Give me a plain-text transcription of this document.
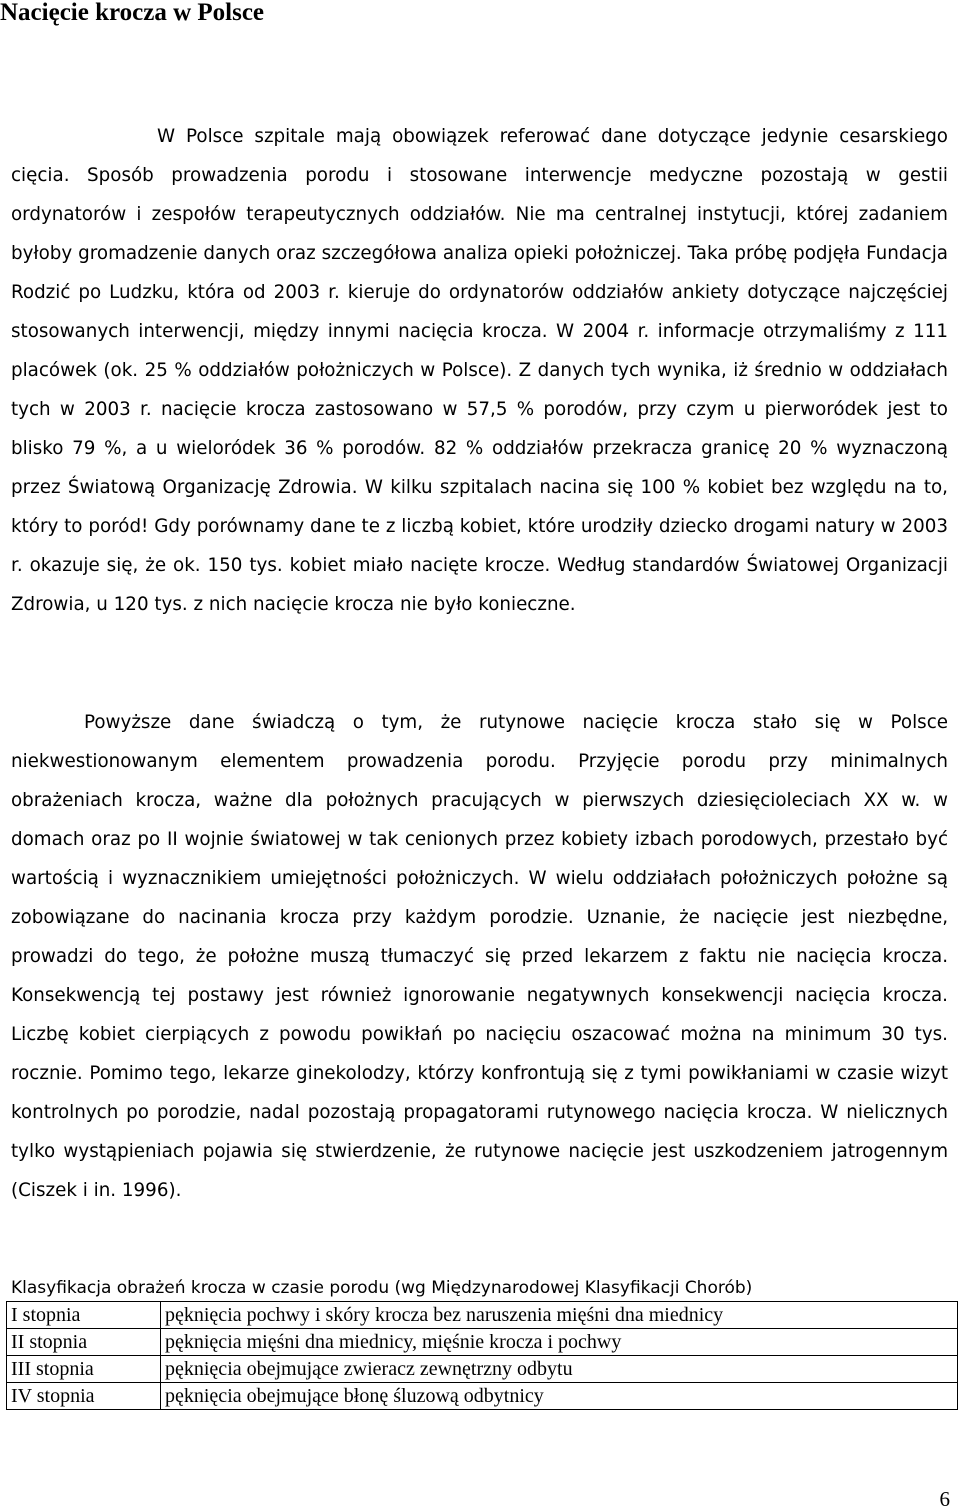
Nacięcie krocza w Polsce

W Polsce szpitale mają obowiązek referować dane dotyczące jedynie cesarskiego cięcia. Sposób prowadzenia porodu i stosowane interwencje medyczne pozostają w gestii ordynatorów i zespołów terapeutycznych oddziałów. Nie ma centralnej instytucji, której zadaniem byłoby gromadzenie danych oraz szczegółowa analiza opieki położniczej. Taka próbę podjęła Fundacja Rodzić po Ludzku, która od 2003 r. kieruje do ordynatorów oddziałów ankiety dotyczące najczęściej stosowanych interwencji, między innymi nacięcia krocza. W 2004 r. informacje otrzymaliśmy z 111 placówek (ok. 25 % oddziałów położniczych w Polsce). Z danych tych wynika, iż średnio w oddziałach tych w 2003 r. nacięcie krocza zastosowano w 57,5 % porodów, przy czym u pierworódek jest to blisko 79 %, a u wieloródek 36 % porodów. 82 % oddziałów przekracza granicę 20 % wyznaczoną przez Światową Organizację Zdrowia. W kilku szpitalach nacina się 100 % kobiet bez względu na to, który to poród! Gdy porównamy dane te z liczbą kobiet, które urodziły dziecko drogami natury w 2003 r. okazuje się, że ok. 150 tys. kobiet miało nacięte krocze. Według standardów Światowej Organizacji Zdrowia, u 120 tys. z nich nacięcie krocza nie było konieczne.

Powyższe dane świadczą o tym, że rutynowe nacięcie krocza stało się w Polsce niekwestionowanym elementem prowadzenia porodu. Przyjęcie porodu przy minimalnych obrażeniach krocza, ważne dla położnych pracujących w pierwszych dziesięcioleciach XX w. w domach oraz po II wojnie światowej w tak cenionych przez kobiety izbach porodowych, przestało być wartością i wyznacznikiem umiejętności położniczych. W wielu oddziałach położniczych położne są zobowiązane do nacinania krocza przy każdym porodzie. Uznanie, że nacięcie jest niezbędne, prowadzi do tego, że położne muszą tłumaczyć się przed lekarzem z faktu nie nacięcia krocza. Konsekwencją tej postawy jest również ignorowanie negatywnych konsekwencji nacięcia krocza. Liczbę kobiet cierpiących z powodu powikłań po nacięciu oszacować można na minimum 30 tys. rocznie. Pomimo tego, lekarze ginekolodzy, którzy konfrontują się z tymi powikłaniami w czasie wizyt kontrolnych po porodzie, nadal pozostają propagatorami rutynowego nacięcia krocza. W nielicznych tylko wystąpieniach pojawia się stwierdzenie, że rutynowe nacięcie jest uszkodzeniem jatrogennym (Ciszek i in. 1996).

Klasyfikacja obrażeń krocza w czasie porodu (wg Międzynarodowej Klasyfikacji Chorób)
I stopnia	pęknięcia pochwy i skóry krocza bez naruszenia mięśni dna miednicy
II stopnia	pęknięcia mięśni dna miednicy, mięśnie krocza i pochwy
III stopnia	pęknięcia obejmujące zwieracz zewnętrzny odbytu
IV stopnia	pęknięcia obejmujące błonę śluzową odbytnicy
6
